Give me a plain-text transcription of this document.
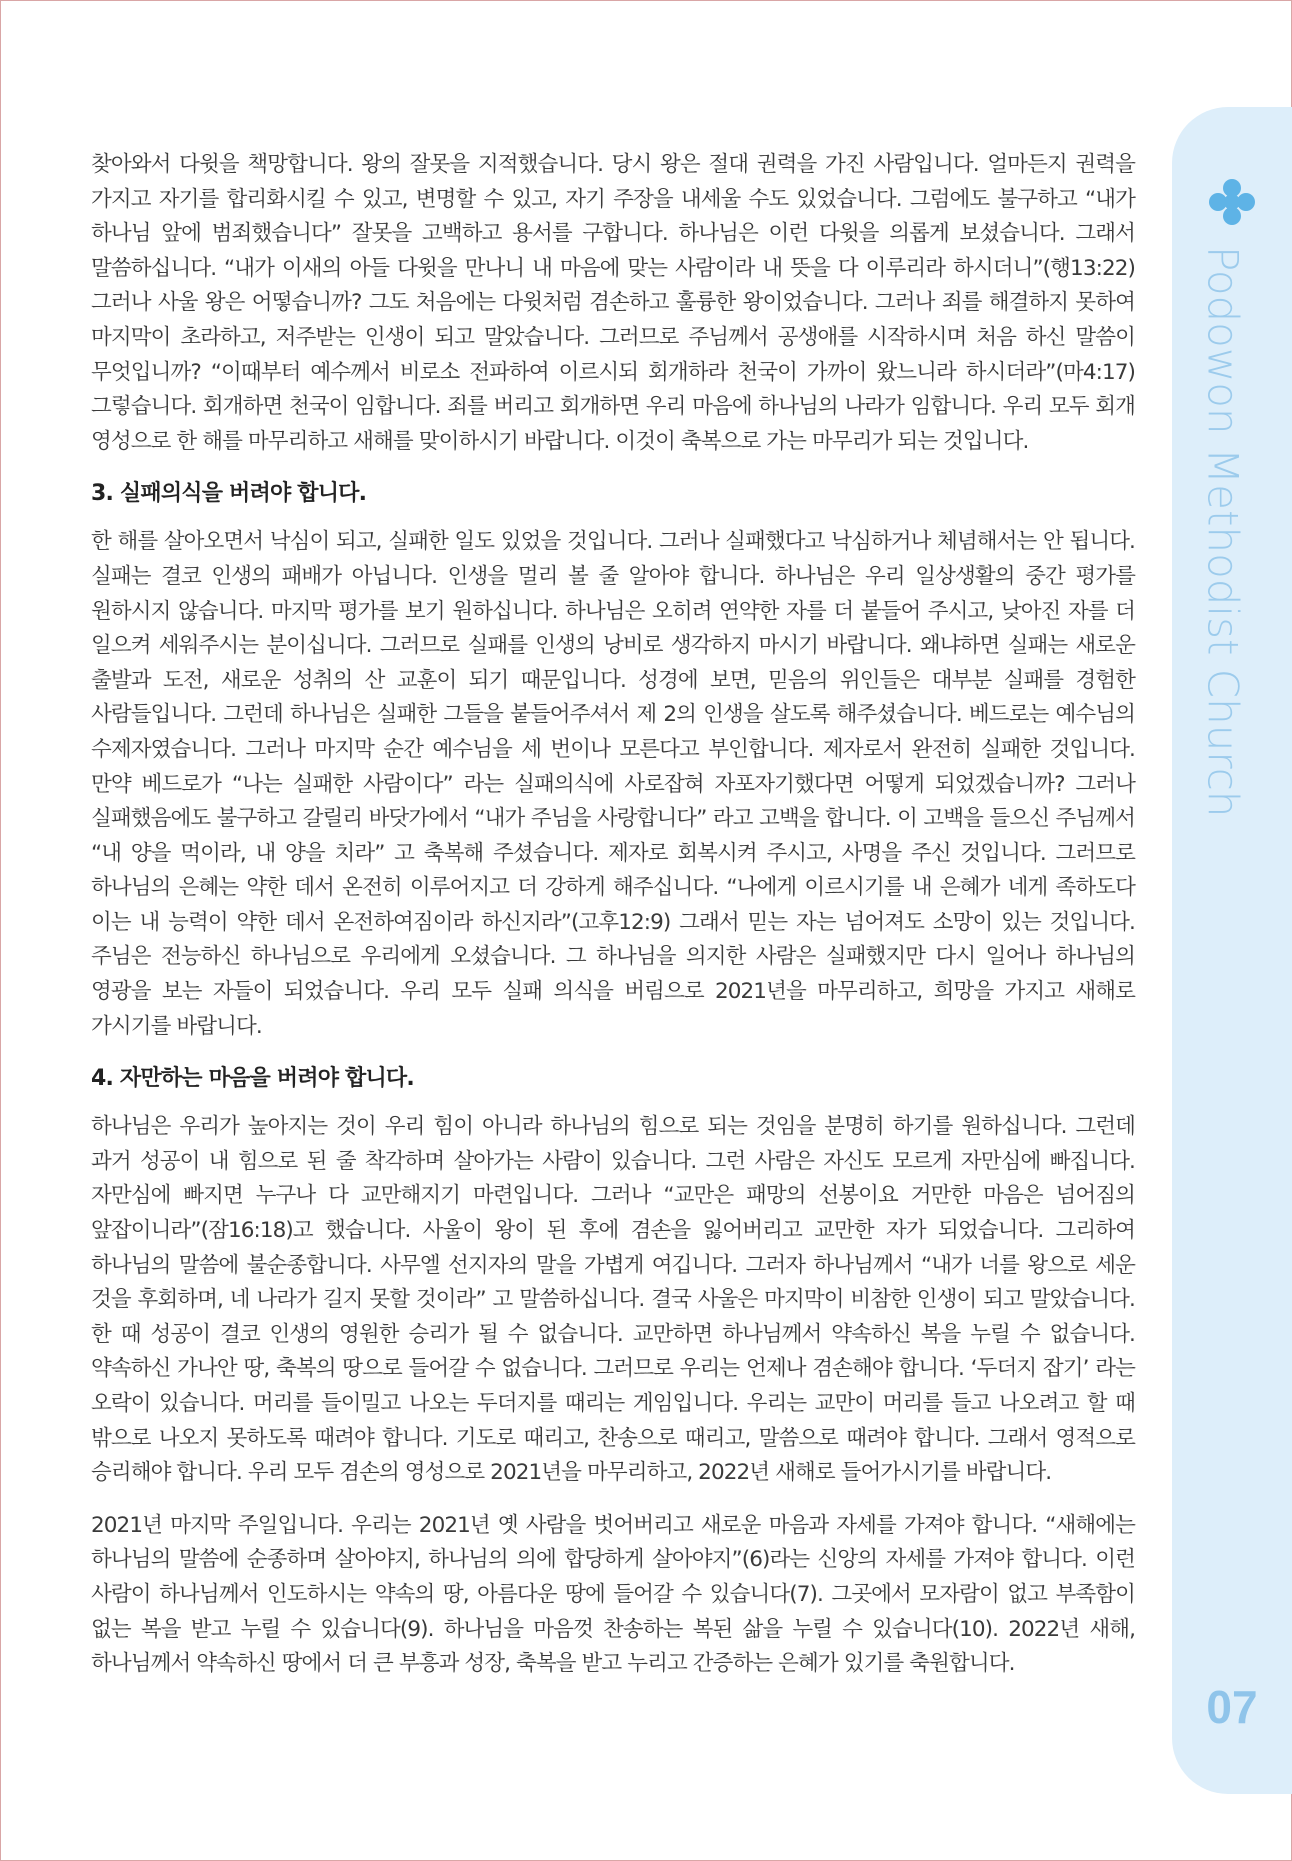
찾아와서 다윗을 책망합니다. 왕의 잘못을 지적했습니다. 당시 왕은 절대 권력을 가진 사람입니다. 얼마든지 권력을 가지고 자기를 합리화시킬 수 있고, 변명할 수 있고, 자기 주장을 내세울 수도 있었습니다. 그럼에도 불구하고 “내가 하나님 앞에 범죄했습니다” 잘못을 고백하고 용서를 구합니다. 하나님은 이런 다윗을 의롭게 보셨습니다. 그래서 말씀하십니다. “내가 이새의 아들 다윗을 만나니 내 마음에 맞는 사람이라 내 뜻을 다 이루리라 하시더니”(행13:22) 그러나 사울 왕은 어떻습니까? 그도 처음에는 다윗처럼 겸손하고 훌륭한 왕이었습니다. 그러나 죄를 해결하지 못하여 마지막이 초라하고, 저주받는 인생이 되고 말았습니다. 그러므로 주님께서 공생애를 시작하시며 처음 하신 말씀이 무엇입니까? “이때부터 예수께서 비로소 전파하여 이르시되 회개하라 천국이 가까이 왔느니라 하시더라”(마4:17) 그렇습니다. 회개하면 천국이 임합니다. 죄를 버리고 회개하면 우리 마음에 하나님의 나라가 임합니다. 우리 모두 회개 영성으로 한 해를 마무리하고 새해를 맞이하시기 바랍니다. 이것이 축복으로 가는 마무리가 되는 것입니다.

3. 실패의식을 버려야 합니다.

한 해를 살아오면서 낙심이 되고, 실패한 일도 있었을 것입니다. 그러나 실패했다고 낙심하거나 체념해서는 안 됩니다. 실패는 결코 인생의 패배가 아닙니다. 인생을 멀리 볼 줄 알아야 합니다. 하나님은 우리 일상생활의 중간 평가를 원하시지 않습니다. 마지막 평가를 보기 원하십니다. 하나님은 오히려 연약한 자를 더 붙들어 주시고, 낮아진 자를 더 일으켜 세워주시는 분이십니다. 그러므로 실패를 인생의 낭비로 생각하지 마시기 바랍니다. 왜냐하면 실패는 새로운 출발과 도전, 새로운 성취의 산 교훈이 되기 때문입니다. 성경에 보면, 믿음의 위인들은 대부분 실패를 경험한 사람들입니다. 그런데 하나님은 실패한 그들을 붙들어주셔서 제 2의 인생을 살도록 해주셨습니다. 베드로는 예수님의 수제자였습니다. 그러나 마지막 순간 예수님을 세 번이나 모른다고 부인합니다. 제자로서 완전히 실패한 것입니다. 만약 베드로가 “나는 실패한 사람이다” 라는 실패의식에 사로잡혀 자포자기했다면 어떻게 되었겠습니까? 그러나 실패했음에도 불구하고 갈릴리 바닷가에서 “내가 주님을 사랑합니다” 라고 고백을 합니다. 이 고백을 들으신 주님께서 “내 양을 먹이라, 내 양을 치라” 고 축복해 주셨습니다. 제자로 회복시켜 주시고, 사명을 주신 것입니다. 그러므로 하나님의 은혜는 약한 데서 온전히 이루어지고 더 강하게 해주십니다. “나에게 이르시기를 내 은혜가 네게 족하도다 이는 내 능력이 약한 데서 온전하여짐이라 하신지라”(고후12:9) 그래서 믿는 자는 넘어져도 소망이 있는 것입니다. 주님은 전능하신 하나님으로 우리에게 오셨습니다. 그 하나님을 의지한 사람은 실패했지만 다시 일어나 하나님의 영광을 보는 자들이 되었습니다. 우리 모두 실패 의식을 버림으로 2021년을 마무리하고, 희망을 가지고 새해로 가시기를 바랍니다.

4. 자만하는 마음을 버려야 합니다.

하나님은 우리가 높아지는 것이 우리 힘이 아니라 하나님의 힘으로 되는 것임을 분명히 하기를 원하십니다. 그런데 과거 성공이 내 힘으로 된 줄 착각하며 살아가는 사람이 있습니다. 그런 사람은 자신도 모르게 자만심에 빠집니다. 자만심에 빠지면 누구나 다 교만해지기 마련입니다. 그러나 “교만은 패망의 선봉이요 거만한 마음은 넘어짐의 앞잡이니라”(잠16:18)고 했습니다. 사울이 왕이 된 후에 겸손을 잃어버리고 교만한 자가 되었습니다. 그리하여 하나님의 말씀에 불순종합니다. 사무엘 선지자의 말을 가볍게 여깁니다. 그러자 하나님께서 “내가 너를 왕으로 세운 것을 후회하며, 네 나라가 길지 못할 것이라” 고 말씀하십니다. 결국 사울은 마지막이 비참한 인생이 되고 말았습니다. 한 때 성공이 결코 인생의 영원한 승리가 될 수 없습니다. 교만하면 하나님께서 약속하신 복을 누릴 수 없습니다. 약속하신 가나안 땅, 축복의 땅으로 들어갈 수 없습니다. 그러므로 우리는 언제나 겸손해야 합니다. ‘두더지 잡기’ 라는 오락이 있습니다. 머리를 들이밀고 나오는 두더지를 때리는 게임입니다. 우리는 교만이 머리를 들고 나오려고 할 때 밖으로 나오지 못하도록 때려야 합니다. 기도로 때리고, 찬송으로 때리고, 말씀으로 때려야 합니다. 그래서 영적으로 승리해야 합니다. 우리 모두 겸손의 영성으로 2021년을 마무리하고, 2022년 새해로 들어가시기를 바랍니다.

2021년 마지막 주일입니다. 우리는 2021년 옛 사람을 벗어버리고 새로운 마음과 자세를 가져야 합니다. “새해에는 하나님의 말씀에 순종하며 살아야지, 하나님의 의에 합당하게 살아야지”(6)라는 신앙의 자세를 가져야 합니다. 이런 사람이 하나님께서 인도하시는 약속의 땅, 아름다운 땅에 들어갈 수 있습니다(7). 그곳에서 모자람이 없고 부족함이 없는 복을 받고 누릴 수 있습니다(9). 하나님을 마음껏 찬송하는 복된 삶을 누릴 수 있습니다(10). 2022년 새해, 하나님께서 약속하신 땅에서 더 큰 부흥과 성장, 축복을 받고 누리고 간증하는 은혜가 있기를 축원합니다.

Podowon Methodist Church
07
